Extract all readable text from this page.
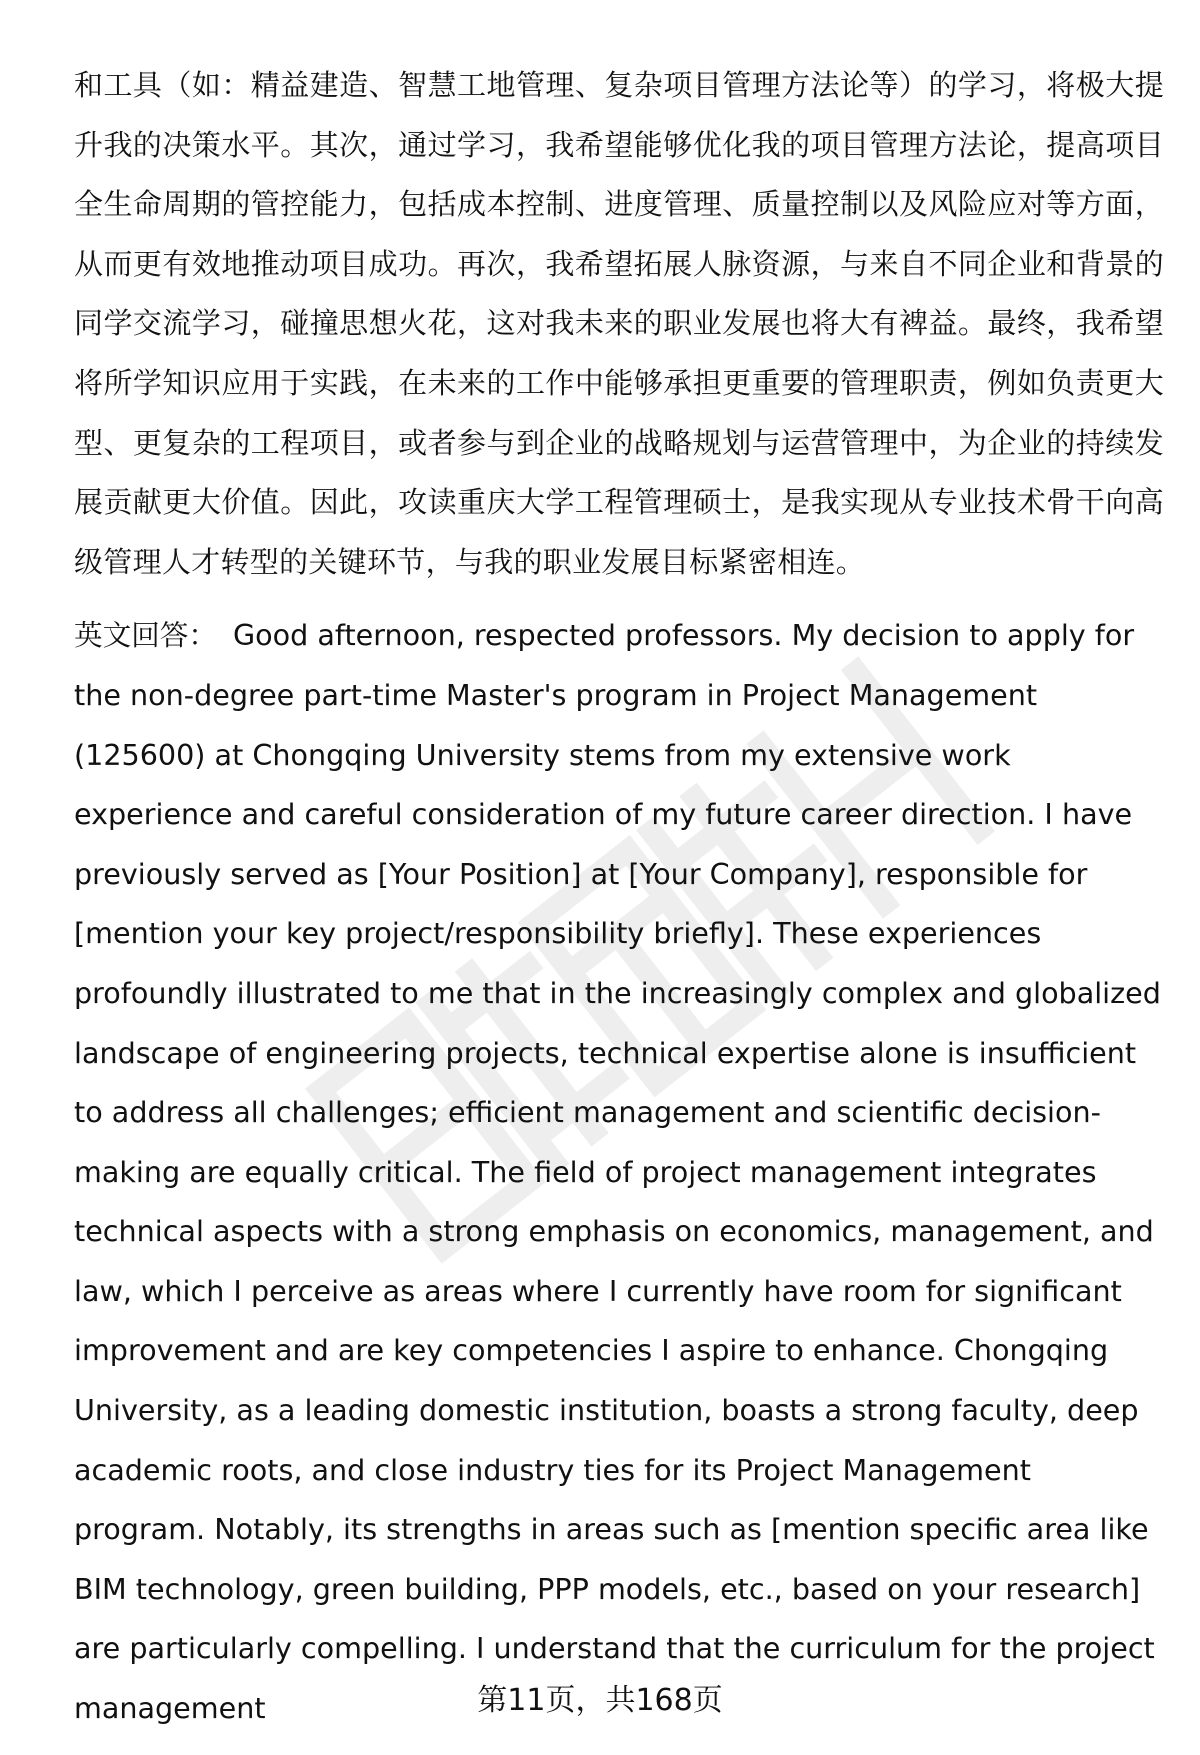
和工具（如：精益建造、智慧工地管理、复杂项目管理方法论等）的学习，将极大提升我的决策水平。其次，通过学习，我希望能够优化我的项目管理方法论，提高项目全生命周期的管控能力，包括成本控制、进度管理、质量控制以及风险应对等方面，从而更有效地推动项目成功。再次，我希望拓展人脉资源，与来自不同企业和背景的同学交流学习，碰撞思想火花，这对我未来的职业发展也将大有裨益。最终，我希望将所学知识应用于实践，在未来的工作中能够承担更重要的管理职责，例如负责更大型、更复杂的工程项目，或者参与到企业的战略规划与运营管理中，为企业的持续发展贡献更大价值。因此，攻读重庆大学工程管理硕士，是我实现从专业技术骨干向高级管理人才转型的关键环节，与我的职业发展目标紧密相连。

英文回答： Good afternoon, respected professors. My decision to apply for the non-degree part-time Master's program in Project Management (125600) at Chongqing University stems from my extensive work experience and careful consideration of my future career direction. I have previously served as [Your Position] at [Your Company], responsible for [mention your key project/responsibility briefly]. These experiences profoundly illustrated to me that in the increasingly complex and globalized landscape of engineering projects, technical expertise alone is insufficient to address all challenges; efficient management and scientific decision-making are equally critical. The field of project management integrates technical aspects with a strong emphasis on economics, management, and law, which I perceive as areas where I currently have room for significant improvement and are key competencies I aspire to enhance. Chongqing University, as a leading domestic institution, boasts a strong faculty, deep academic roots, and close industry ties for its Project Management program. Notably, its strengths in areas such as [mention specific area like BIM technology, green building, PPP models, etc., based on your research] are particularly compelling. I understand that the curriculum for the project management	第11页，共168页
